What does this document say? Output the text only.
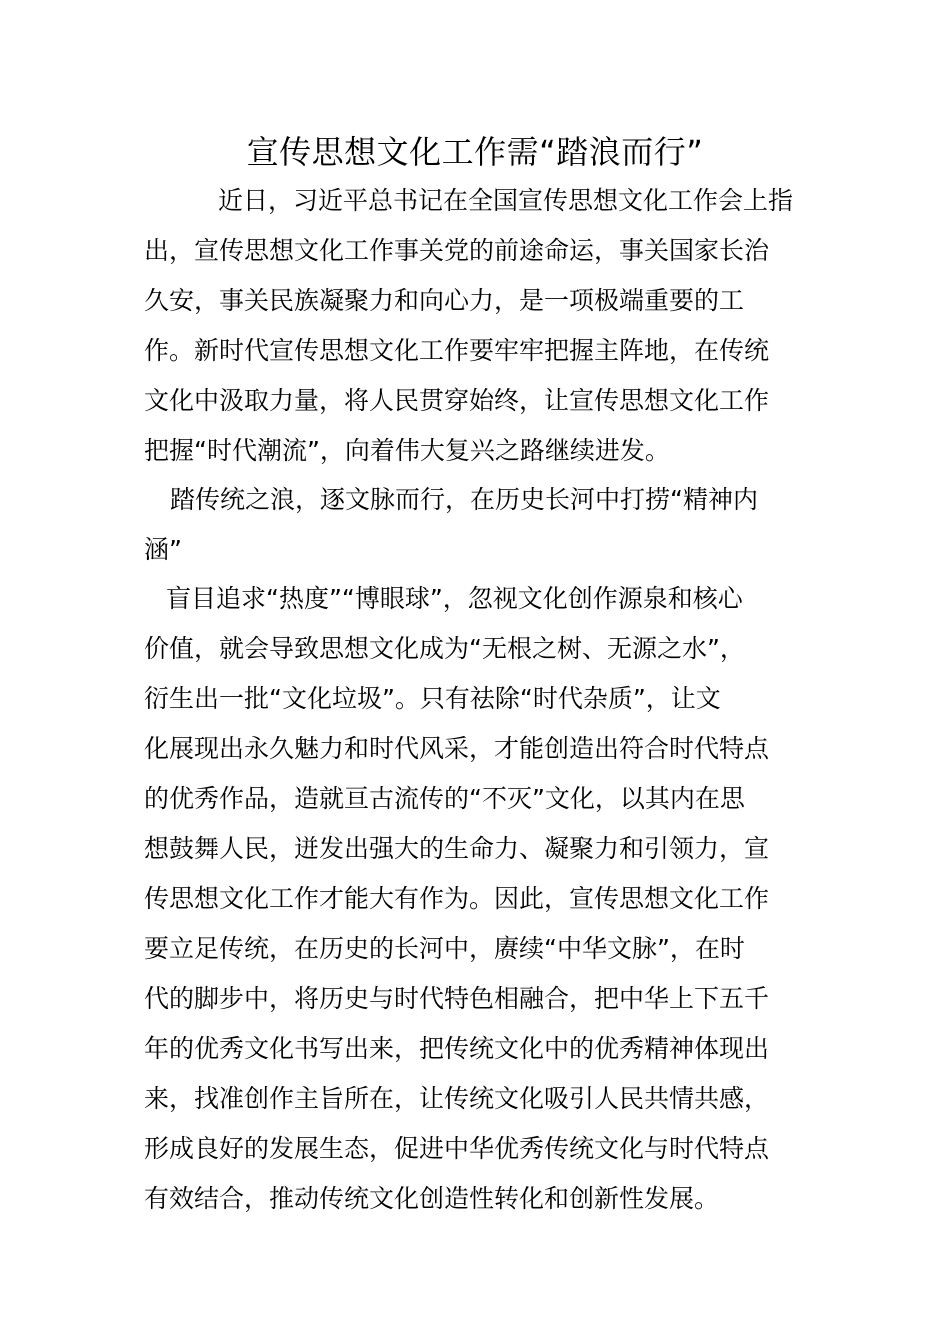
宣传思想文化工作需“踏浪而行”
近日，习近平总书记在全国宣传思想文化工作会上指
出，宣传思想文化工作事关党的前途命运，事关国家长治
久安，事关民族凝聚力和向心力，是一项极端重要的工
作。新时代宣传思想文化工作要牢牢把握主阵地，在传统
文化中汲取力量，将人民贯穿始终，让宣传思想文化工作
把握“时代潮流”，向着伟大复兴之路继续进发。
踏传统之浪，逐文脉而行，在历史长河中打捞“精神内
涵”
盲目追求“热度”“博眼球”，忽视文化创作源泉和核心
价值，就会导致思想文化成为“无根之树、无源之水”，
衍生出一批“文化垃圾”。只有祛除“时代杂质”，让文
化展现出永久魅力和时代风采，才能创造出符合时代特点
的优秀作品，造就亘古流传的“不灭”文化，以其内在思
想鼓舞人民，迸发出强大的生命力、凝聚力和引领力，宣
传思想文化工作才能大有作为。因此，宣传思想文化工作
要立足传统，在历史的长河中，赓续“中华文脉”，在时
代的脚步中，将历史与时代特色相融合，把中华上下五千
年的优秀文化书写出来，把传统文化中的优秀精神体现出
来，找准创作主旨所在，让传统文化吸引人民共情共感，
形成良好的发展生态，促进中华优秀传统文化与时代特点
有效结合，推动传统文化创造性转化和创新性发展。
